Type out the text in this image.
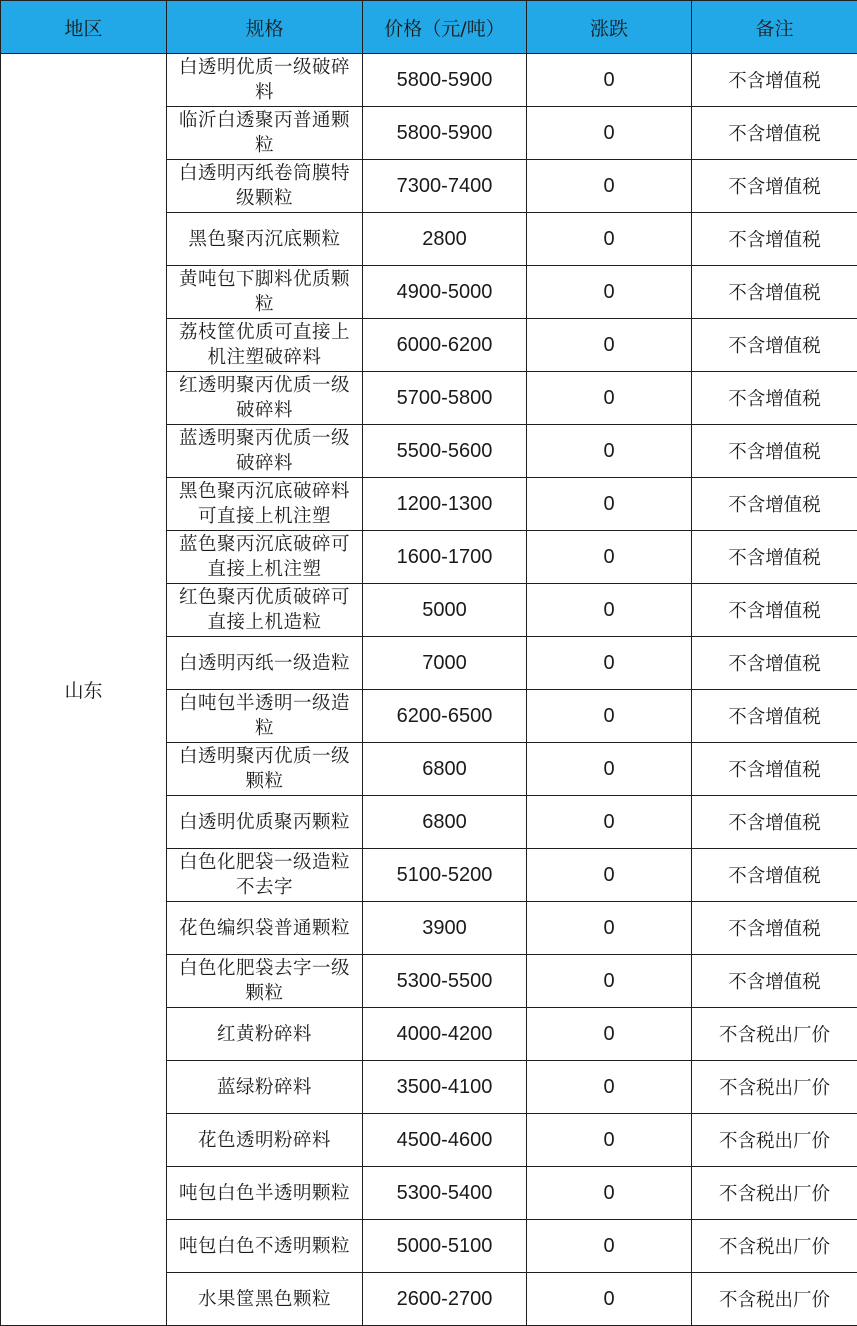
地区	规格	价格（元/吨）	涨跌	备注
山东	白透明优质一级破碎料	5800-5900	0	不含增值税
	临沂白透聚丙普通颗粒	5800-5900	0	不含增值税
	白透明丙纸卷筒膜特级颗粒	7300-7400	0	不含增值税
	黑色聚丙沉底颗粒	2800	0	不含增值税
	黄吨包下脚料优质颗粒	4900-5000	0	不含增值税
	荔枝筐优质可直接上机注塑破碎料	6000-6200	0	不含增值税
	红透明聚丙优质一级破碎料	5700-5800	0	不含增值税
	蓝透明聚丙优质一级破碎料	5500-5600	0	不含增值税
	黑色聚丙沉底破碎料可直接上机注塑	1200-1300	0	不含增值税
	蓝色聚丙沉底破碎可直接上机注塑	1600-1700	0	不含增值税
	红色聚丙优质破碎可直接上机造粒	5000	0	不含增值税
	白透明丙纸一级造粒	7000	0	不含增值税
	白吨包半透明一级造粒	6200-6500	0	不含增值税
	白透明聚丙优质一级颗粒	6800	0	不含增值税
	白透明优质聚丙颗粒	6800	0	不含增值税
	白色化肥袋一级造粒不去字	5100-5200	0	不含增值税
	花色编织袋普通颗粒	3900	0	不含增值税
	白色化肥袋去字一级颗粒	5300-5500	0	不含增值税
	红黄粉碎料	4000-4200	0	不含税出厂价
	蓝绿粉碎料	3500-4100	0	不含税出厂价
	花色透明粉碎料	4500-4600	0	不含税出厂价
	吨包白色半透明颗粒	5300-5400	0	不含税出厂价
	吨包白色不透明颗粒	5000-5100	0	不含税出厂价
	水果筐黑色颗粒	2600-2700	0	不含税出厂价
